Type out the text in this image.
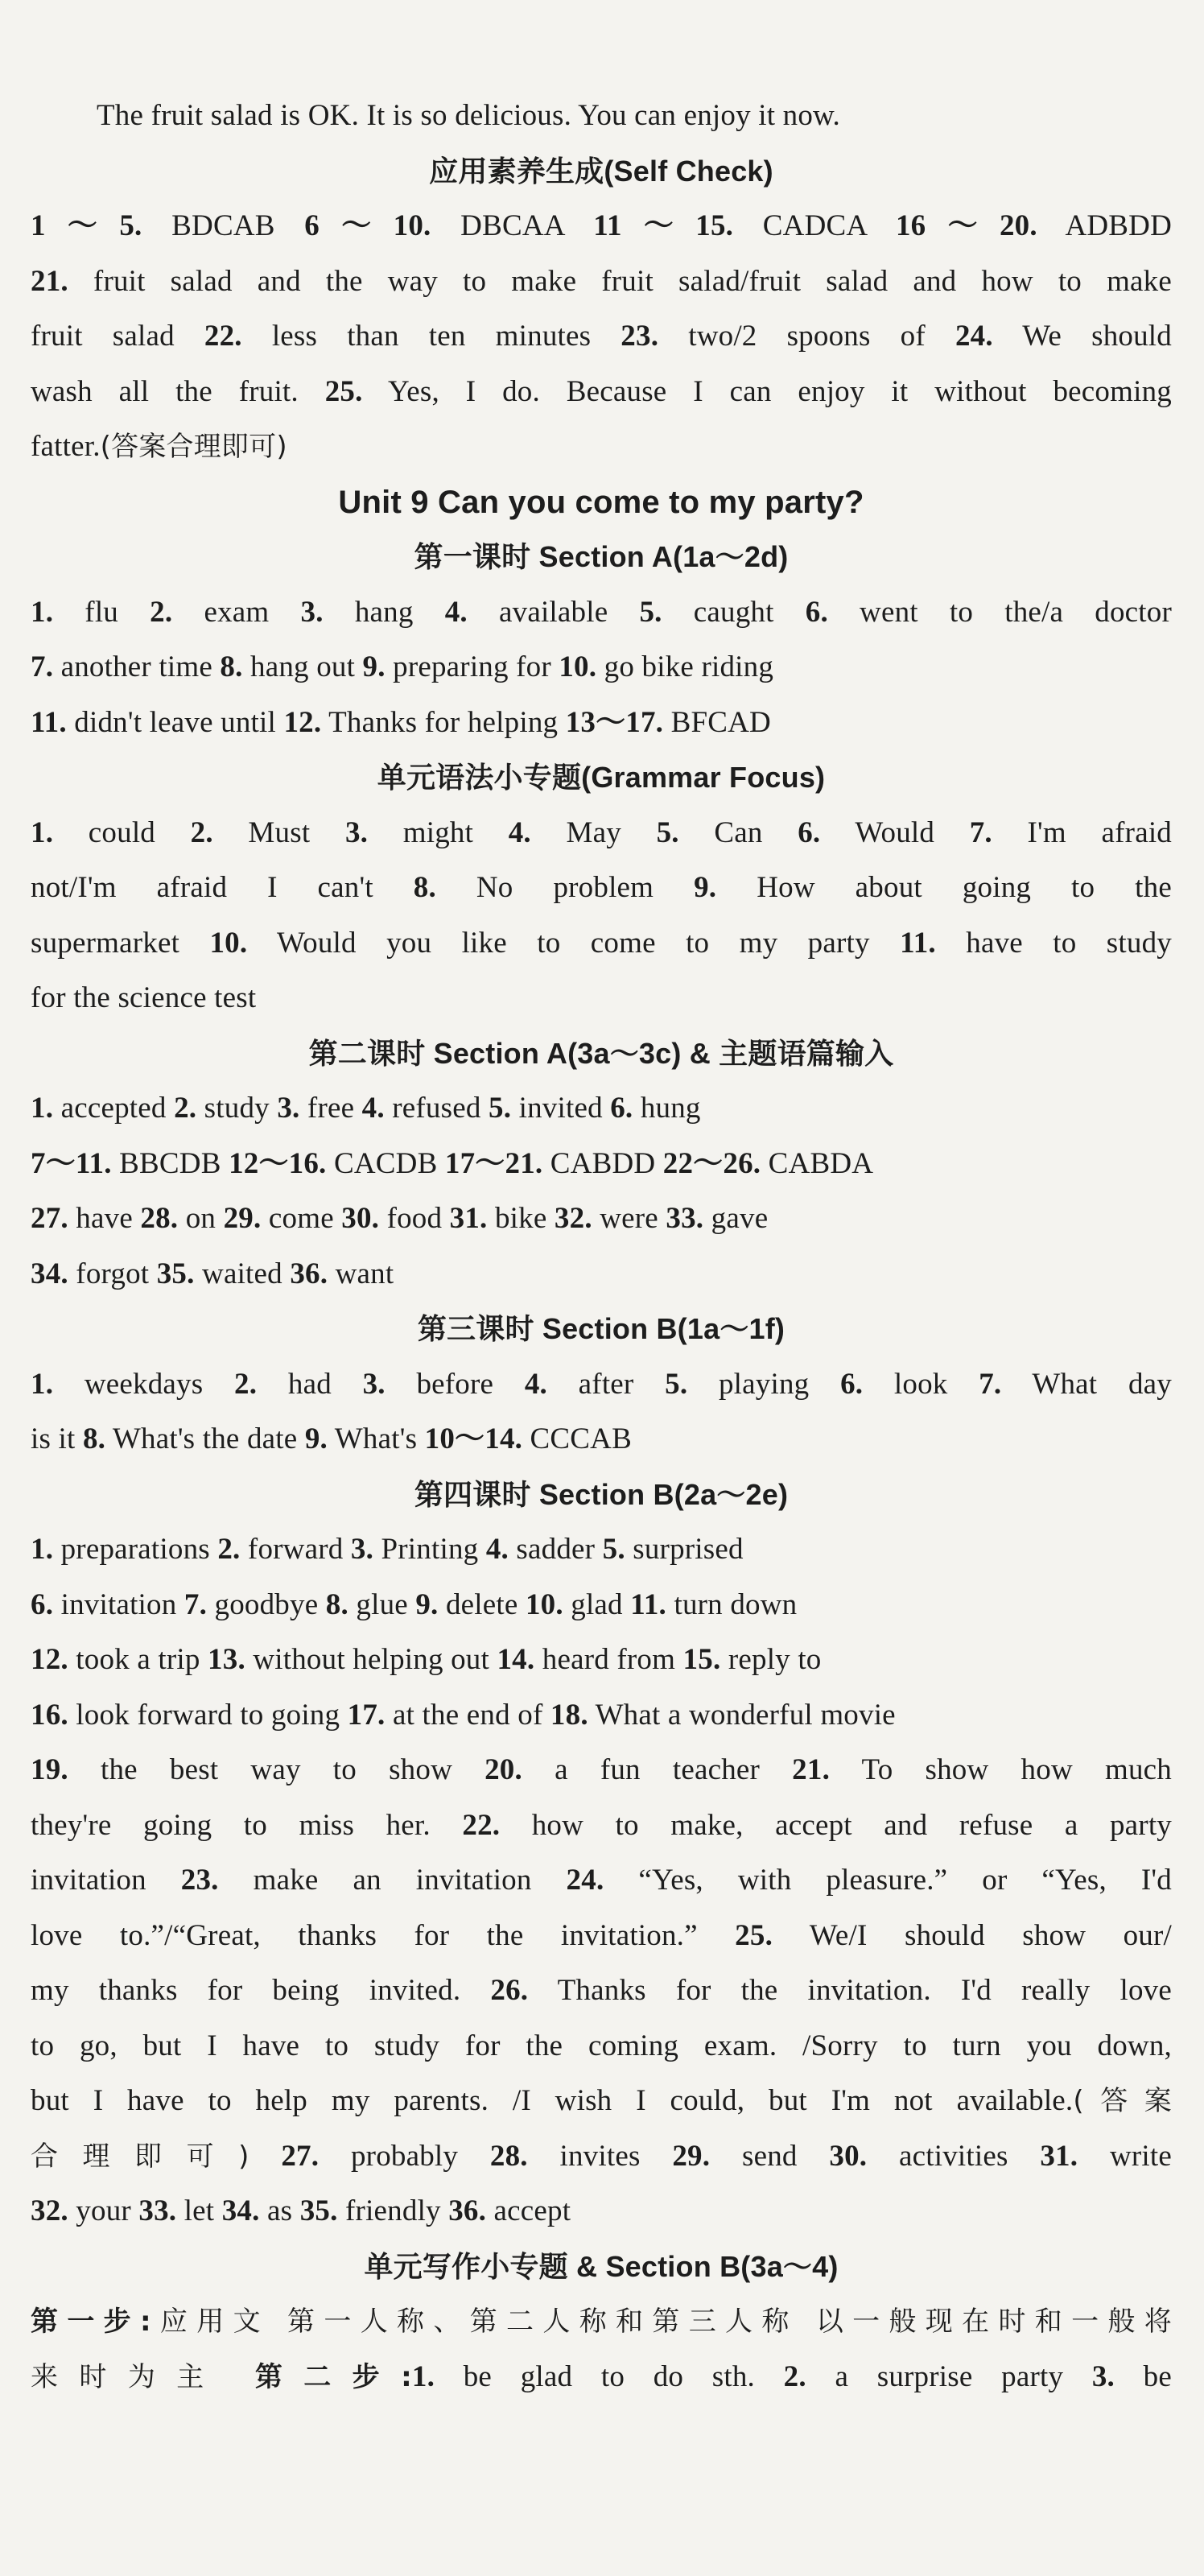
The fruit salad is OK. It is so delicious. You can enjoy it now.
应用素养生成(Self Check)
1～5. BDCAB 6～10. DBCAA 11～15. CADCA 16～20. ADBDD
21. fruit salad and the way to make fruit salad/fruit salad and how to make
fruit salad 22. less than ten minutes 23. two/2 spoons of 24. We should
wash all the fruit. 25. Yes, I do. Because I can enjoy it without becoming
fatter.(答案合理即可)
Unit 9 Can you come to my party?
第一课时 Section A(1a～2d)
1. flu 2. exam 3. hang 4. available 5. caught 6. went to the/a doctor
7. another time 8. hang out 9. preparing for 10. go bike riding
11. didn't leave until 12. Thanks for helping 13～17. BFCAD
单元语法小专题(Grammar Focus)
1. could 2. Must 3. might 4. May 5. Can 6. Would 7. I'm afraid
not/I'm afraid I can't 8. No problem 9. How about going to the
supermarket 10. Would you like to come to my party 11. have to study
for the science test
第二课时 Section A(3a～3c) & 主题语篇输入
1. accepted 2. study 3. free 4. refused 5. invited 6. hung
7～11. BBCDB 12～16. CACDB 17～21. CABDD 22～26. CABDA
27. have 28. on 29. come 30. food 31. bike 32. were 33. gave
34. forgot 35. waited 36. want
第三课时 Section B(1a～1f)
1. weekdays 2. had 3. before 4. after 5. playing 6. look 7. What day
is it 8. What's the date 9. What's 10～14. CCCAB
第四课时 Section B(2a～2e)
1. preparations 2. forward 3. Printing 4. sadder 5. surprised
6. invitation 7. goodbye 8. glue 9. delete 10. glad 11. turn down
12. took a trip 13. without helping out 14. heard from 15. reply to
16. look forward to going 17. at the end of 18. What a wonderful movie
19. the best way to show 20. a fun teacher 21. To show how much
they're going to miss her. 22. how to make, accept and refuse a party
invitation 23. make an invitation 24. “Yes, with pleasure.” or “Yes, I'd
love to.”/“Great, thanks for the invitation.” 25. We/I should show our/
my thanks for being invited. 26. Thanks for the invitation. I'd really love
to go, but I have to study for the coming exam. /Sorry to turn you down,
but I have to help my parents. /I wish I could, but I'm not available.(答案
合理即可) 27. probably 28. invites 29. send 30. activities 31. write
32. your 33. let 34. as 35. friendly 36. accept
单元写作小专题 & Section B(3a～4)
第一步:应用文 第一人称、第二人称和第三人称 以一般现在时和一般将
来时为主 第二步:1. be glad to do sth. 2. a surprise party 3. be
